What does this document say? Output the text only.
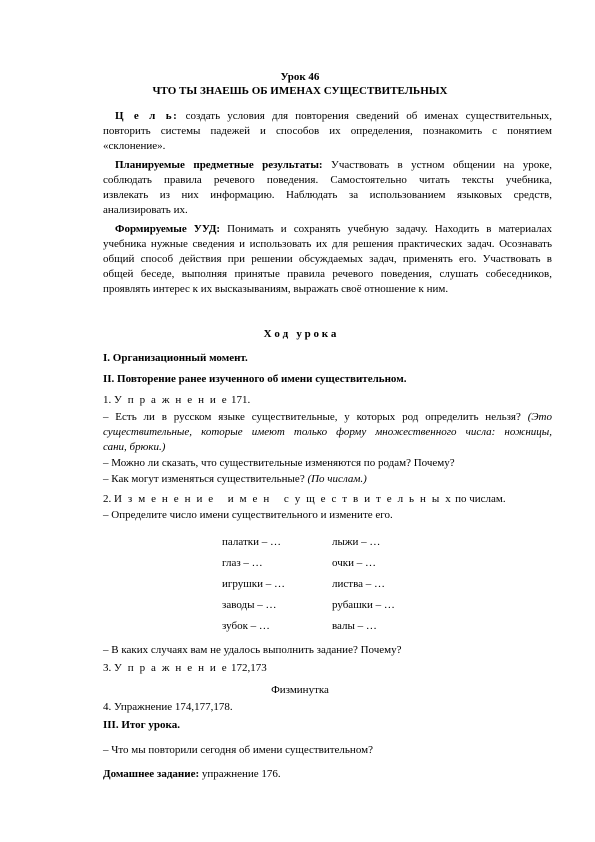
Урок 46

ЧТО ТЫ ЗНАЕШЬ ОБ ИМЕНАХ СУЩЕСТВИТЕЛЬНЫХ

Ц е л ь: создать условия для повторения сведений об именах существительных,

повторить системы падежей и способов их определения, познакомить с понятием

«склонение».

Планируемые предметные результаты: Участвовать в устном общении на уроке,

соблюдать правила речевого поведения. Самостоятельно читать тексты учебника,

извлекать из них информацию. Наблюдать за использованием языковых средств,

анализировать их.

Формируемые УУД: Понимать и сохранять учебную задачу. Находить в материалах

учебника нужные сведения и использовать их для решения практических задач. Осознавать

общий способ действия при решении обсуждаемых задач, применять его. Участвовать в

общей беседе, выполняя принятые правила речевого поведения, слушать собеседников,

проявлять интерес к их высказываниям, выражать своё отношение к ним.

Х о д   у р о к а

I. Организационный момент.

II. Повторение ранее изученного об имени существительном.

1. У п р а ж н е н и е 171.

– Есть ли в русском языке существительные, у которых род определить нельзя? (Это

существительные, которые имеют только форму множественного числа: ножницы,

сани, брюки.)

– Можно ли сказать, что существительные изменяются по родам? Почему?

– Как могут изменяться существительные? (По числам.)

2. И з м е н е н и е   и м е н   с у щ е с т в и т е л ь н ы х по числам.

– Определите число имени существительного и измените его.

палатки – …	лыжи – …

глаз – …	очки – …

игрушки – …	листва – …

заводы – …	рубашки – …

зубок – …	валы – …

– В каких случаях вам не удалось выполнить задание? Почему?

3. У п р а ж н е н и е 172,173

Физминутка

4. Упражнение 174,177,178.

III. Итог урока.

– Что мы повторили сегодня об имени существительном?

Домашнее задание: упражнение 176.
